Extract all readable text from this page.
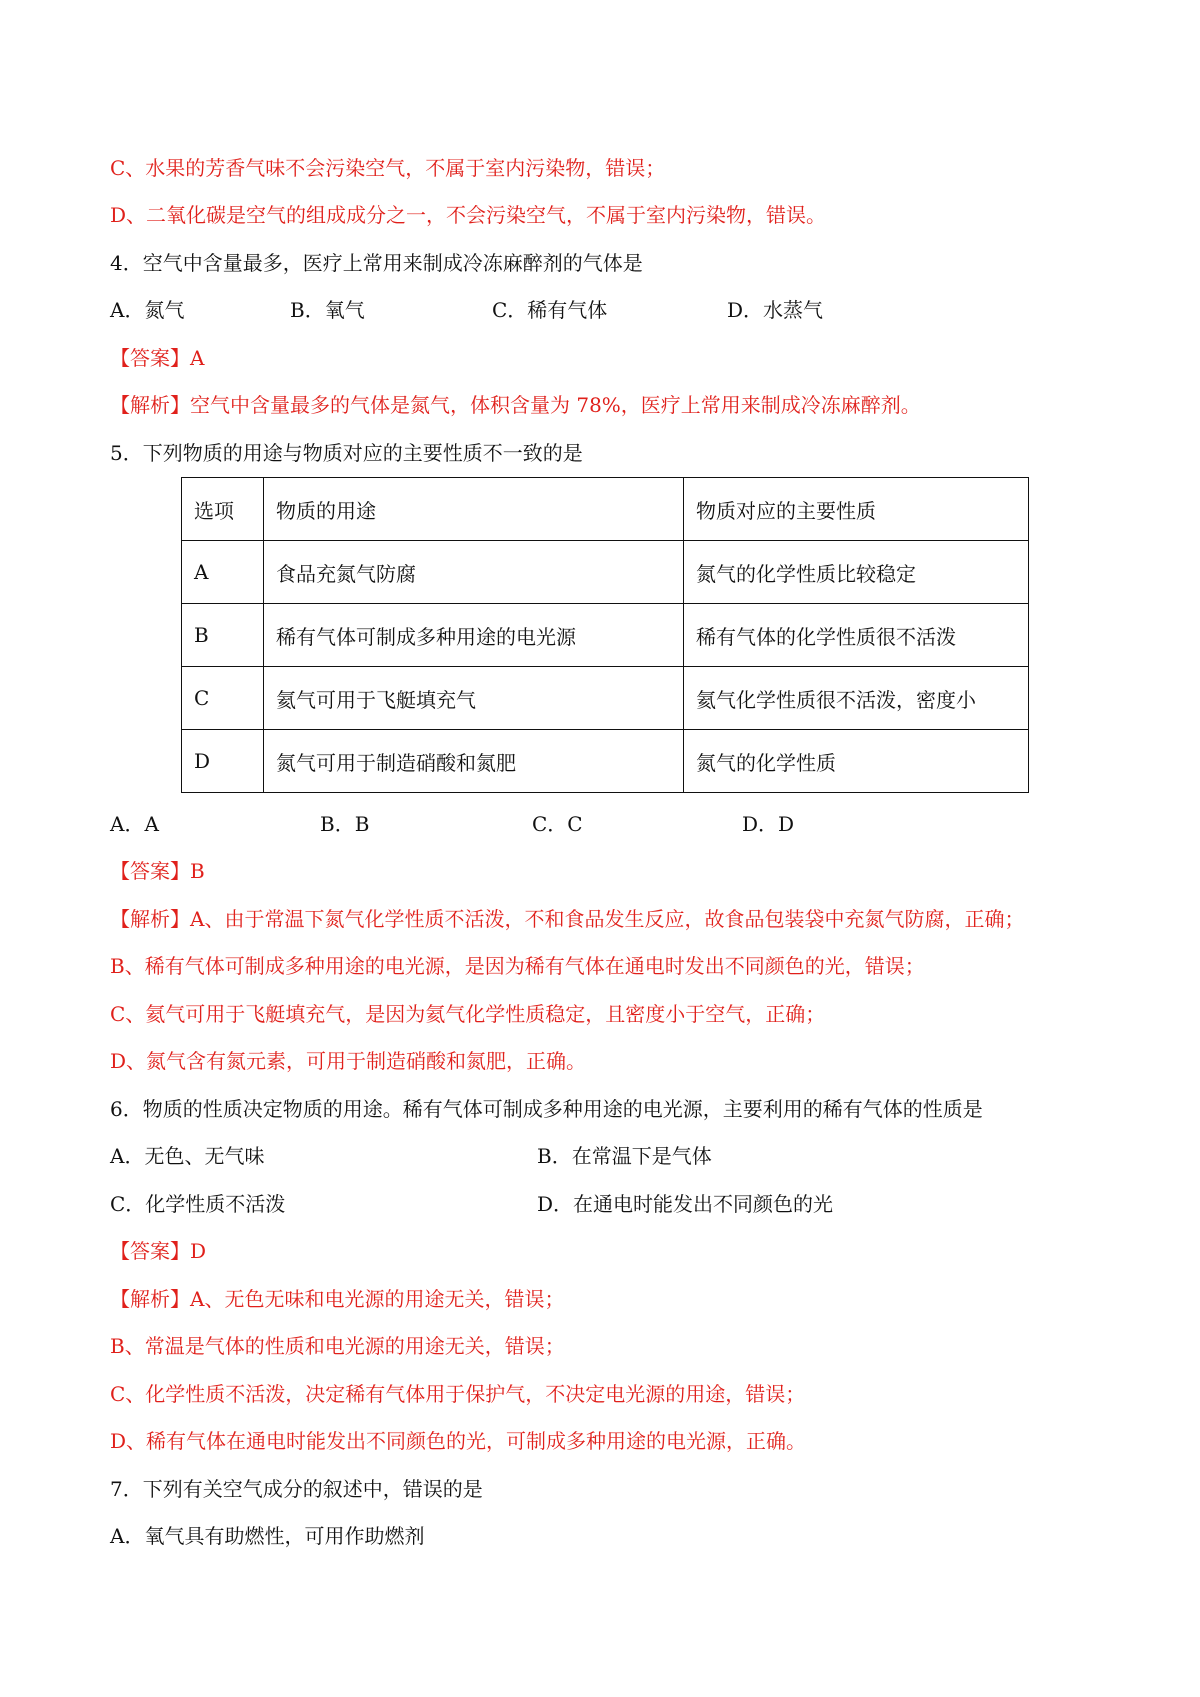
C、水果的芳香气味不会污染空气，不属于室内污染物，错误；
D、二氧化碳是空气的组成成分之一，不会污染空气，不属于室内污染物，错误。
4．空气中含量最多，医疗上常用来制成冷冻麻醉剂的气体是
A．氮气	B．氧气	C．稀有气体	D．水蒸气
【答案】A
【解析】空气中含量最多的气体是氮气，体积含量为 78%，医疗上常用来制成冷冻麻醉剂。
5．下列物质的用途与物质对应的主要性质不一致的是
选项	物质的用途	物质对应的主要性质
A	食品充氮气防腐	氮气的化学性质比较稳定
B	稀有气体可制成多种用途的电光源	稀有气体的化学性质很不活泼
C	氦气可用于飞艇填充气	氦气化学性质很不活泼，密度小
D	氮气可用于制造硝酸和氮肥	氮气的化学性质
A．A	B．B	C．C	D．D
【答案】B
【解析】A、由于常温下氮气化学性质不活泼，不和食品发生反应，故食品包装袋中充氮气防腐，正确；
B、稀有气体可制成多种用途的电光源，是因为稀有气体在通电时发出不同颜色的光，错误；
C、氦气可用于飞艇填充气，是因为氦气化学性质稳定，且密度小于空气，正确；
D、氮气含有氮元素，可用于制造硝酸和氮肥，正确。
6．物质的性质决定物质的用途。稀有气体可制成多种用途的电光源，主要利用的稀有气体的性质是
A．无色、无气味	B．在常温下是气体
C．化学性质不活泼	D．在通电时能发出不同颜色的光
【答案】D
【解析】A、无色无味和电光源的用途无关，错误；
B、常温是气体的性质和电光源的用途无关，错误；
C、化学性质不活泼，决定稀有气体用于保护气，不决定电光源的用途，错误；
D、稀有气体在通电时能发出不同颜色的光，可制成多种用途的电光源，正确。
7．下列有关空气成分的叙述中，错误的是
A．氧气具有助燃性，可用作助燃剂
